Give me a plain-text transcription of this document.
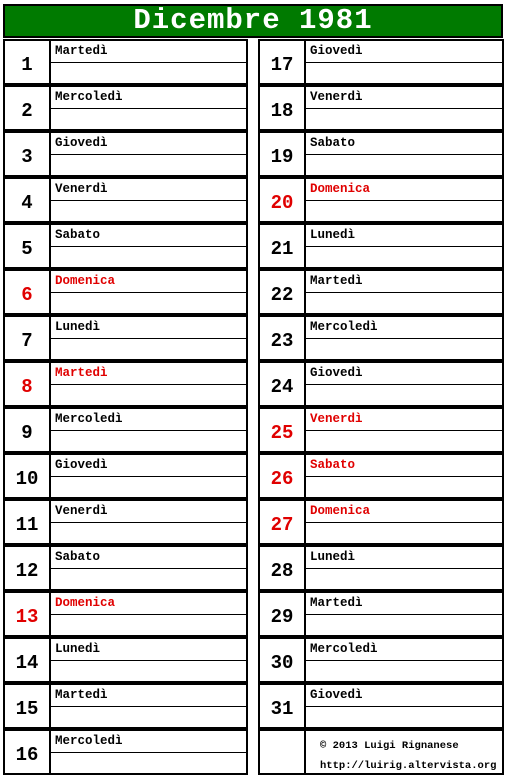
Dicembre 1981
16
Mercoledì
15
Martedì
14
Lunedì
13
Domenica
12
Sabato
11
Venerdì
10
Giovedì
9
Mercoledì
8
Martedì
7
Lunedì
6
Domenica
5
Sabato
4
Venerdì
3
Giovedì
2
Mercoledì
1
Martedì
31
Giovedì
30
Mercoledì
29
Martedì
28
Lunedì
27
Domenica
26
Sabato
25
Venerdì
24
Giovedì
23
Mercoledì
22
Martedì
21
Lunedì
20
Domenica
19
Sabato
18
Venerdì
17
Giovedì
© 2013 Luigi Rignanese
http://luirig.altervista.org
